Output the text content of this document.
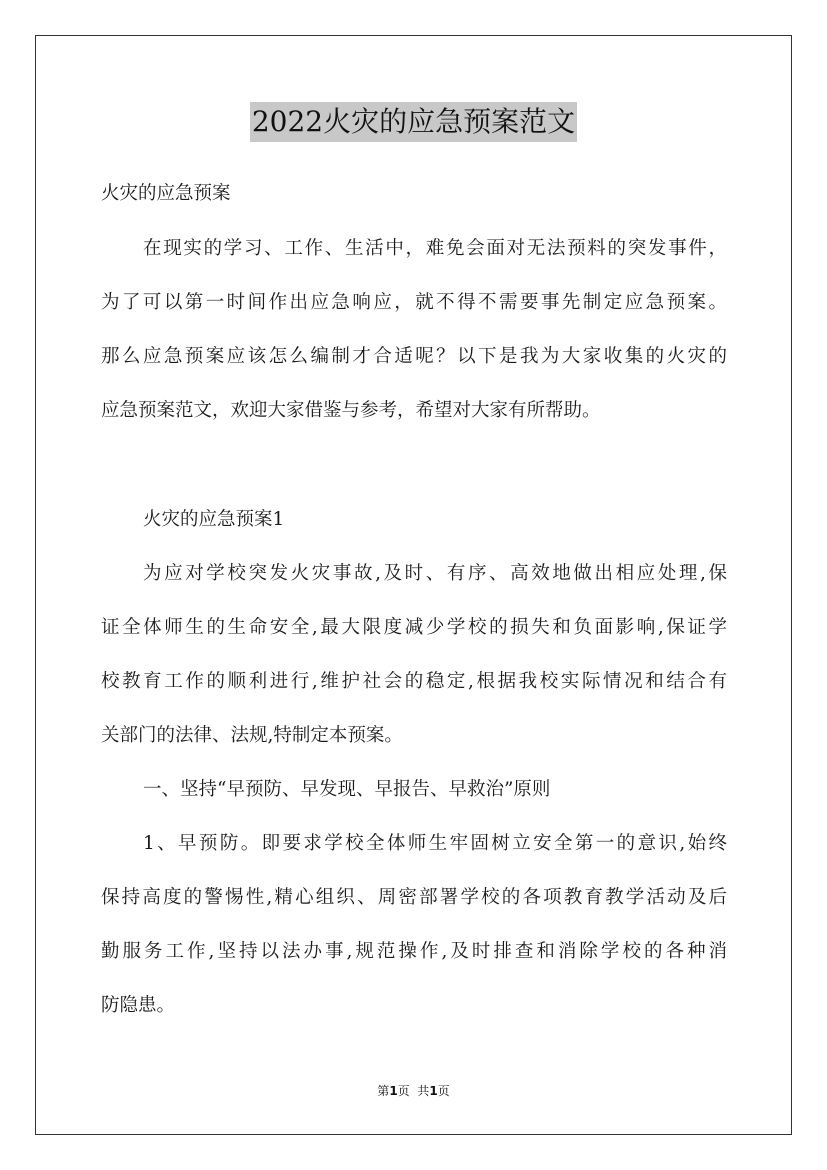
2022火灾的应急预案范文
火灾的应急预案
在现实的学习、工作、生活中，难免会面对无法预料的突发事件，
为了可以第一时间作出应急响应，就不得不需要事先制定应急预案。
那么应急预案应该怎么编制才合适呢？以下是我为大家收集的火灾的
应急预案范文，欢迎大家借鉴与参考，希望对大家有所帮助。
火灾的应急预案1
为应对学校突发火灾事故,及时、有序、高效地做出相应处理,保
证全体师生的生命安全,最大限度减少学校的损失和负面影响,保证学
校教育工作的顺利进行,维护社会的稳定,根据我校实际情况和结合有
关部门的法律、法规,特制定本预案。
一、坚持“早预防、早发现、早报告、早救治”原则
1、早预防。即要求学校全体师生牢固树立安全第一的意识,始终
保持高度的警惕性,精心组织、周密部署学校的各项教育教学活动及后
勤服务工作,坚持以法办事,规范操作,及时排查和消除学校的各种消
防隐患。
第1页  共1页
